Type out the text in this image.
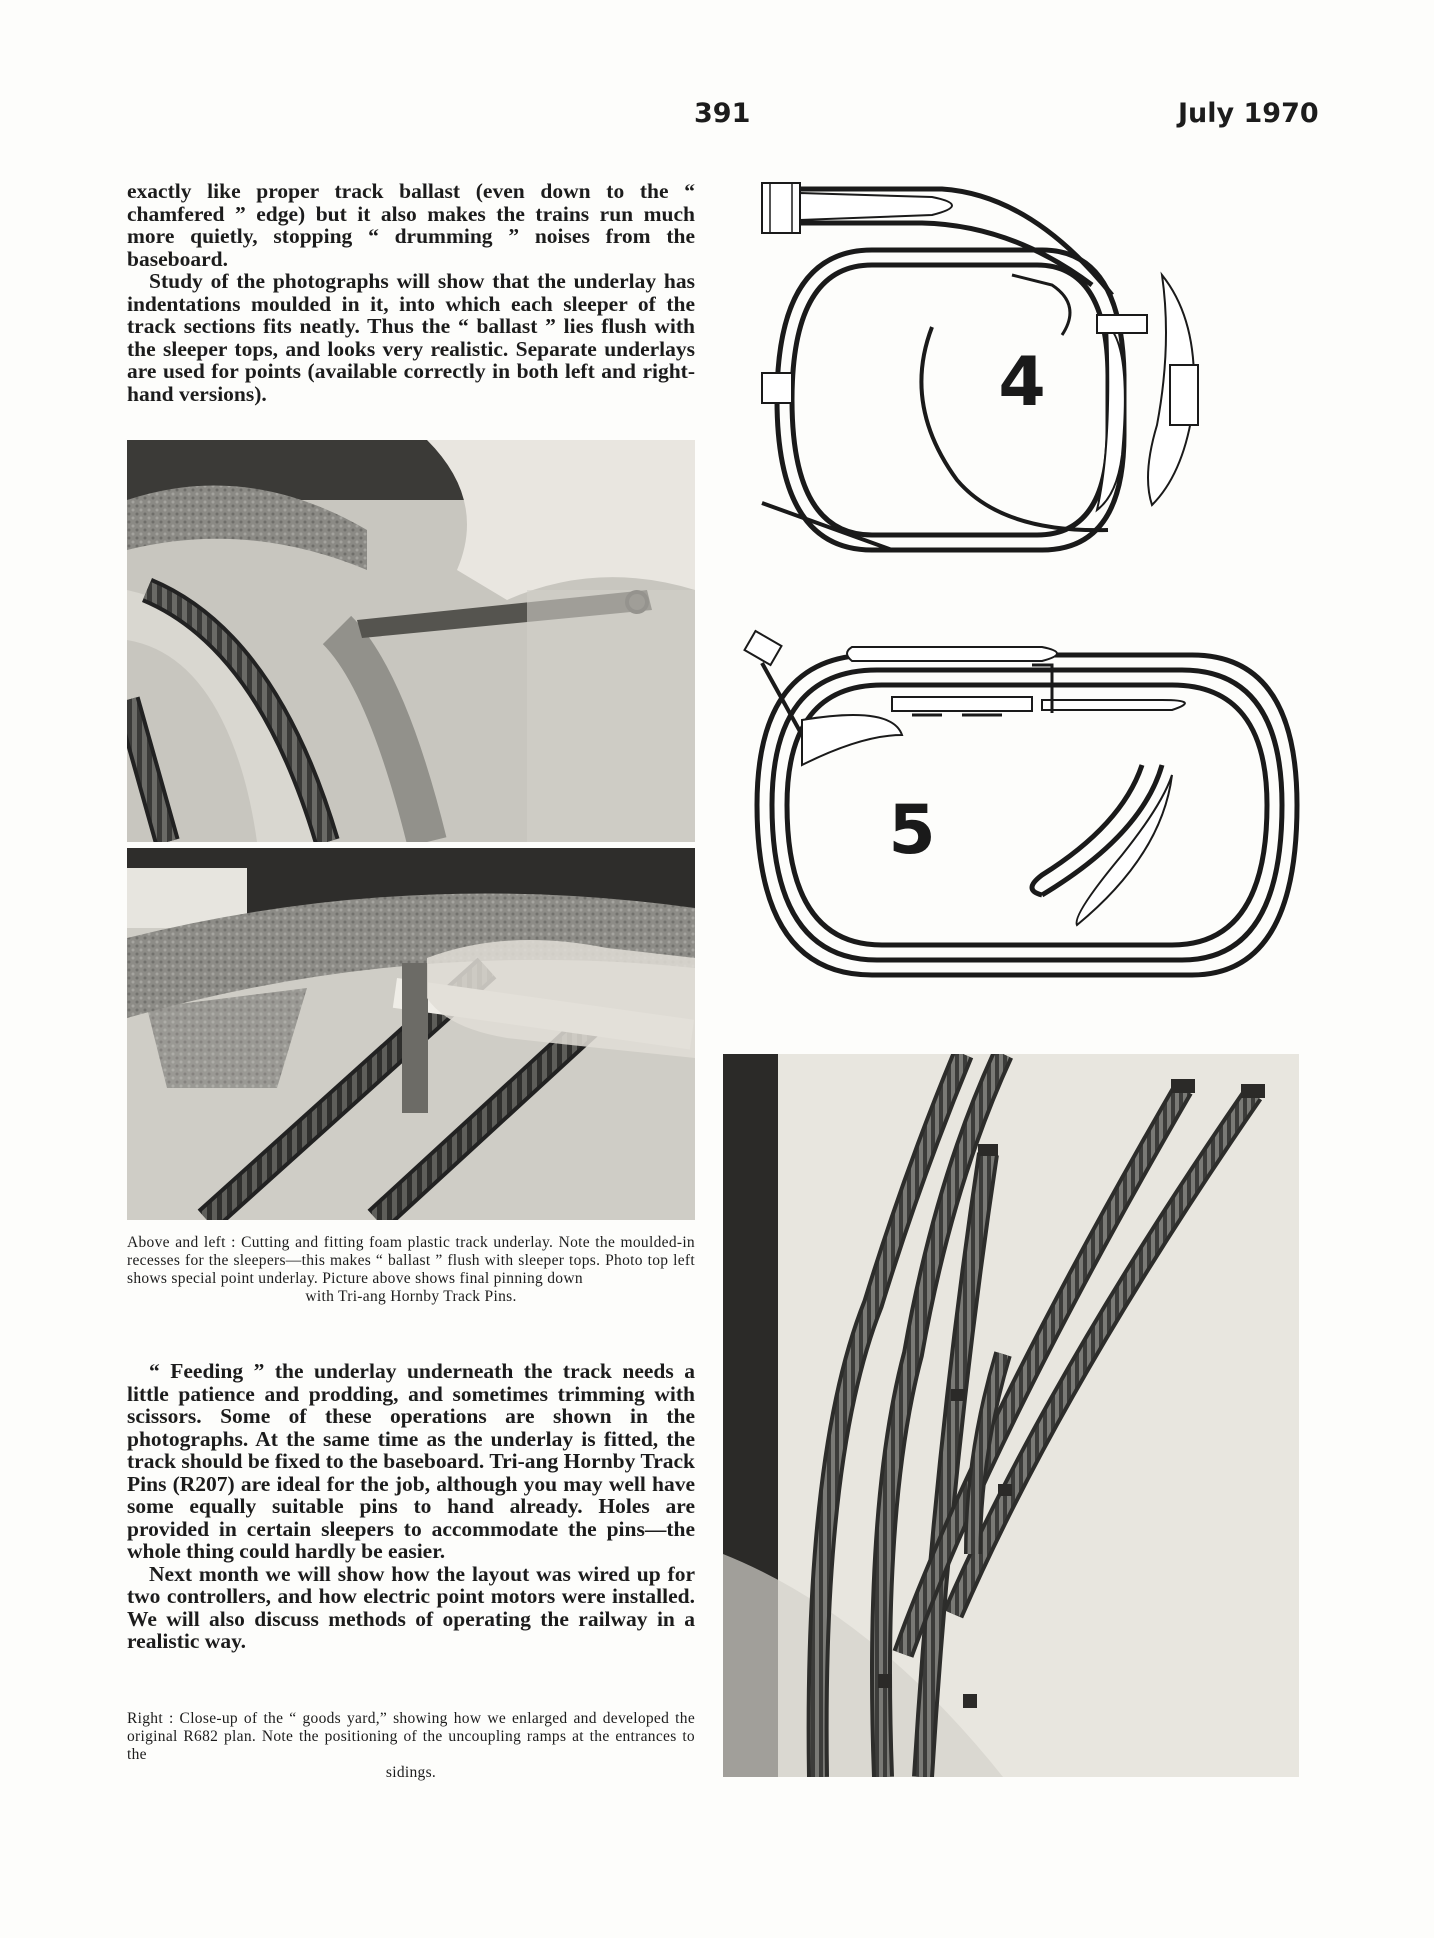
391	July 1970

exactly like proper track ballast (even down to the “ chamfered ” edge) but it also makes the trains run much more quietly, stopping “ drumming ” noises from the baseboard.

Study of the photographs will show that the underlay has indentations moulded in it, into which each sleeper of the track sections fits neatly. Thus the “ ballast ” lies flush with the sleeper tops, and looks very realistic. Separate underlays are used for points (available correctly in both left and right-hand versions).

Above and left : Cutting and fitting foam plastic track underlay. Note the moulded-in recesses for the sleepers—this makes “ ballast ” flush with sleeper tops. Photo top left shows special point underlay. Picture above shows final pinning down
with Tri-ang Hornby Track Pins.

“ Feeding ” the underlay underneath the track needs a little patience and prodding, and sometimes trimming with scissors. Some of these operations are shown in the photographs. At the same time as the underlay is fitted, the track should be fixed to the baseboard. Tri-ang Hornby Track Pins (R207) are ideal for the job, although you may well have some equally suitable pins to hand already. Holes are provided in certain sleepers to accommodate the pins—the whole thing could hardly be easier.

Next month we will show how the layout was wired up for two controllers, and how electric point motors were installed. We will also discuss methods of operating the railway in a realistic way.

Right : Close-up of the “ goods yard,” showing how we enlarged and developed the original R682 plan. Note the positioning of the uncoupling ramps at the entrances to the
sidings.
4
5
